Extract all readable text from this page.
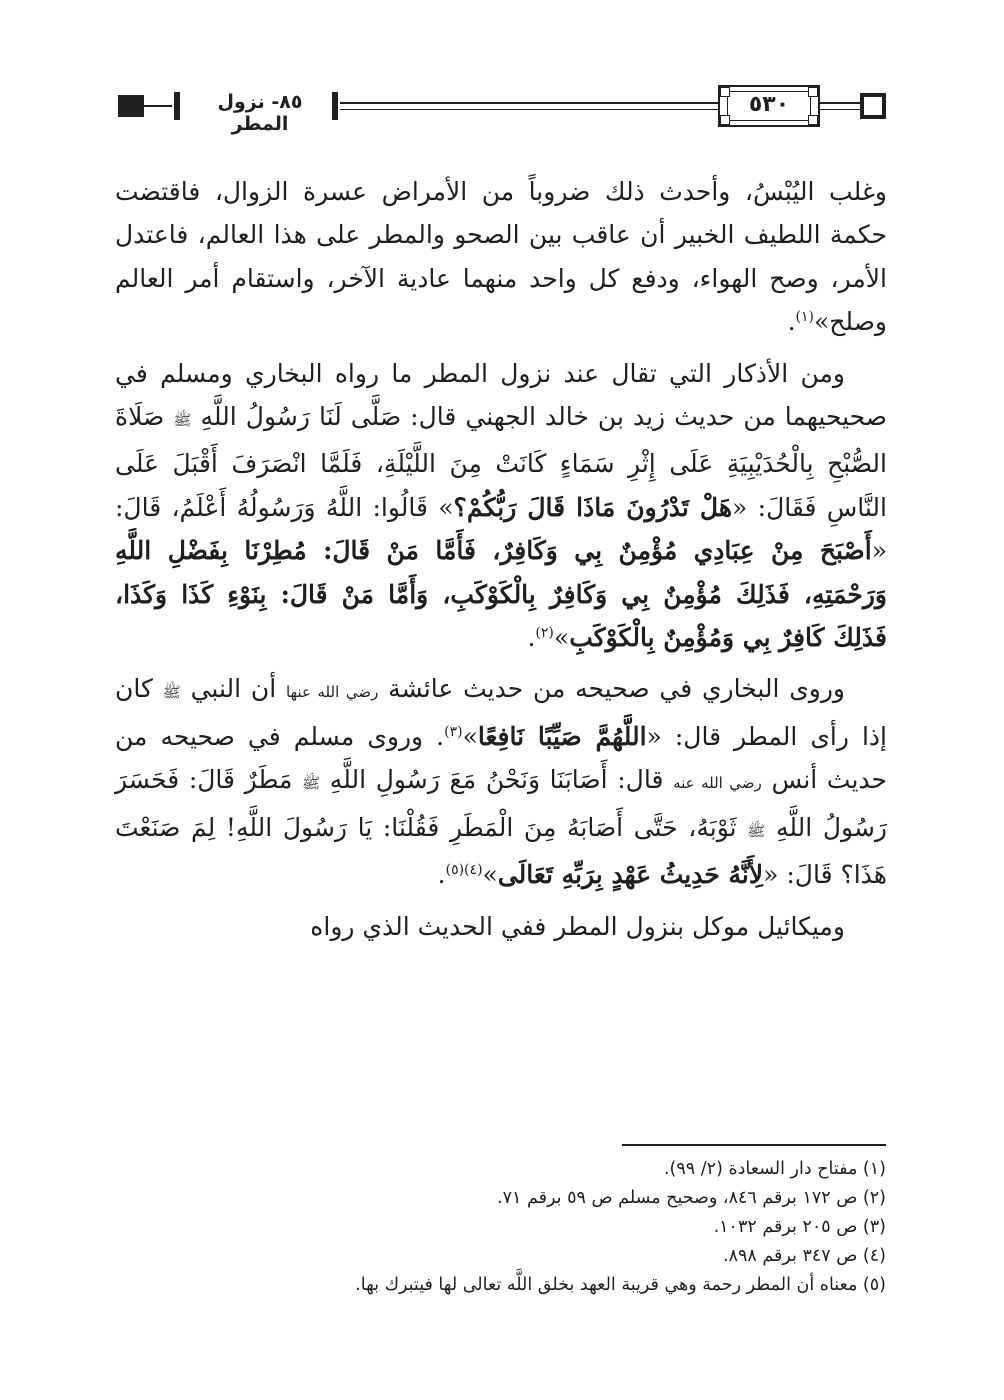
٨٥- نزول المطر
٥٣٠

وغلب اليُبْسُ، وأحدث ذلك ضروباً من الأمراض عسرة الزوال، فاقتضت حكمة اللطيف الخبير أن عاقب بين الصحو والمطر على هذا العالم، فاعتدل الأمر، وصح الهواء، ودفع كل واحد منهما عادية الآخر، واستقام أمر العالم وصلح»$^{(١)}$.

ومن الأذكار التي تقال عند نزول المطر ما رواه البخاري ومسلم في صحيحيهما من حديث زيد بن خالد الجهني قال: صَلَّى لَنَا رَسُولُ اللَّهِ ﷺ صَلَاةَ الصُّبْحِ بِالْحُدَيْبِيَةِ عَلَى إِثْرِ سَمَاءٍ كَانَتْ مِنَ اللَّيْلَةِ، فَلَمَّا انْصَرَفَ أَقْبَلَ عَلَى النَّاسِ فَقَالَ: «هَلْ تَدْرُونَ مَاذَا قَالَ رَبُّكُمْ؟» قَالُوا: اللَّهُ وَرَسُولُهُ أَعْلَمُ، قَالَ: «أَصْبَحَ مِنْ عِبَادِي مُؤْمِنٌ بِي وَكَافِرٌ، فَأَمَّا مَنْ قَالَ: مُطِرْنَا بِفَضْلِ اللَّهِ وَرَحْمَتِهِ، فَذَلِكَ مُؤْمِنٌ بِي وَكَافِرٌ بِالْكَوْكَبِ، وَأَمَّا مَنْ قَالَ: بِنَوْءِ كَذَا وَكَذَا، فَذَلِكَ كَافِرٌ بِي وَمُؤْمِنٌ بِالْكَوْكَبِ»$^{(٢)}$.

وروى البخاري في صحيحه من حديث عائشة رضي الله عنها أن النبي ﷺ كان إذا رأى المطر قال: «اللَّهُمَّ صَيِّبًا نَافِعًا»$^{(٣)}$. وروى مسلم في صحيحه من حديث أنس رضي الله عنه قال: أَصَابَنَا وَنَحْنُ مَعَ رَسُولِ اللَّهِ ﷺ مَطَرٌ قَالَ: فَحَسَرَ رَسُولُ اللَّهِ ﷺ ثَوْبَهُ، حَتَّى أَصَابَهُ مِنَ الْمَطَرِ فَقُلْنَا: يَا رَسُولَ اللَّهِ! لِمَ صَنَعْتَ هَذَا؟ قَالَ: «لِأَنَّهُ حَدِيثُ عَهْدٍ بِرَبِّهِ تَعَالَى»$^{(٤)(٥)}$.

وميكائيل موكل بنزول المطر ففي الحديث الذي رواه

(١) مفتاح دار السعادة (٢/ ٩٩).
(٢) ص ١٧٢ برقم ٨٤٦، وصحيح مسلم ص ٥٩ برقم ٧١.
(٣) ص ٢٠٥ برقم ١٠٣٢.
(٤) ص ٣٤٧ برقم ٨٩٨.
(٥) معناه أن المطر رحمة وهي قريبة العهد بخلق اللَّه تعالى لها فيتبرك بها.
